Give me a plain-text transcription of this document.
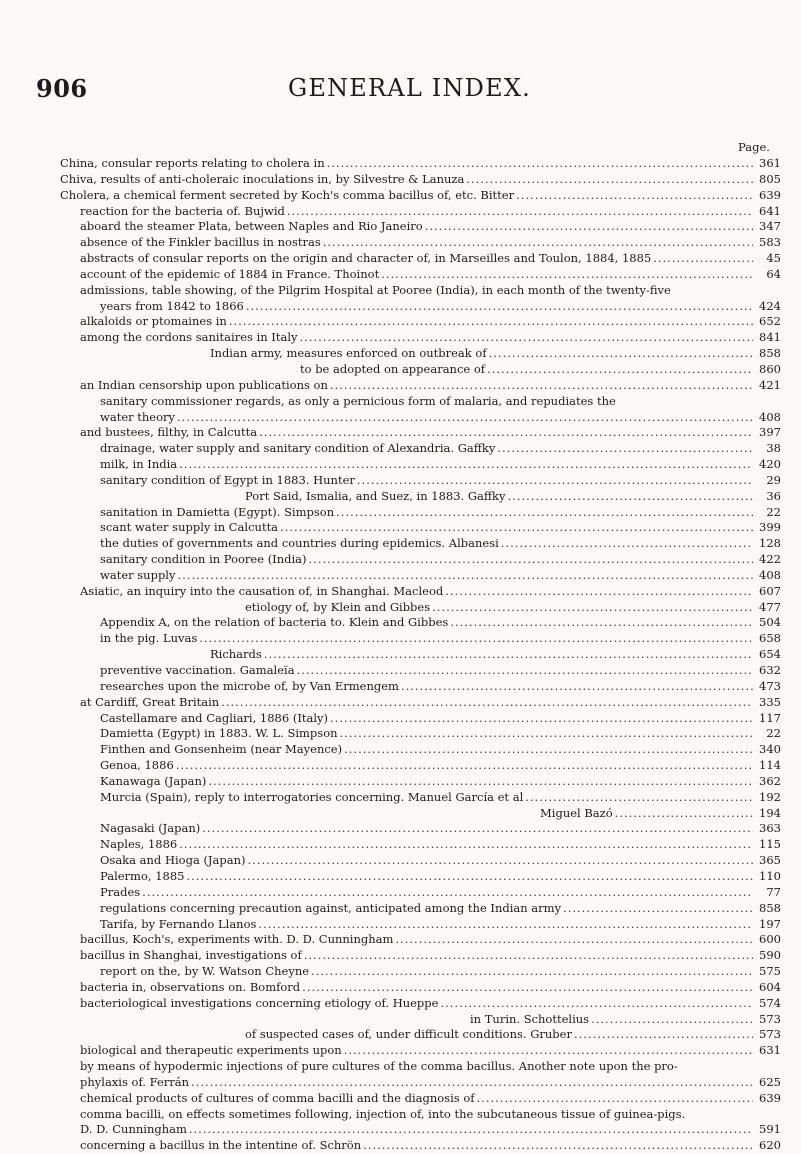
906	GENERAL INDEX.
Page.
China, consular reports relating to cholera in .....	361
Chiva, results of anti-choleraic inoculations in, by Silvestre & Lanuza .....	805
Cholera, a chemical ferment secreted by Koch's comma bacillus of, etc. Bitter .....	639
reaction for the bacteria of. Bujwid .....	641
aboard the steamer Plata, between Naples and Rio Janeiro .....	347
absence of the Finkler bacillus in nostras .....	583
abstracts of consular reports on the origin and character of, in Marseilles and Toulon, 1884, 1885 .....	45
account of the epidemic of 1884 in France. Thoinot .....	64
admissions, table showing, of the Pilgrim Hospital at Pooree (India), in each month of the twenty-five
years from 1842 to 1866 .....	424
alkaloids or ptomaines in .....	652
among the cordons sanitaires in Italy .....	841
Indian army, measures enforced on outbreak of .....	858
to be adopted on appearance of .....	860
an Indian censorship upon publications on .....	421
sanitary commissioner regards, as only a pernicious form of malaria, and repudiates the
water theory .....	408
and bustees, filthy, in Calcutta .....	397
drainage, water supply and sanitary condition of Alexandria. Gaffky .....	38
milk, in India .....	420
sanitary condition of Egypt in 1883. Hunter .....	29
Port Said, Ismalia, and Suez, in 1883. Gaffky .....	36
sanitation in Damietta (Egypt). Simpson .....	22
scant water supply in Calcutta .....	399
the duties of governments and countries during epidemics. Albanesi .....	128
sanitary condition in Pooree (India) .....	422
water supply .....	408
Asiatic, an inquiry into the causation of, in Shanghai. Macleod .....	607
etiology of, by Klein and Gibbes .....	477
Appendix A, on the relation of bacteria to. Klein and Gibbes .....	504
in the pig. Luvas .....	658
Richards .....	654
preventive vaccination. Gamaleïa .....	632
researches upon the microbe of, by Van Ermengem .....	473
at Cardiff, Great Britain .....	335
Castellamare and Cagliari, 1886 (Italy) .....	117
Damietta (Egypt) in 1883. W. L. Simpson .....	22
Finthen and Gonsenheim (near Mayence) .....	340
Genoa, 1886 .....	114
Kanawaga (Japan) .....	362
Murcia (Spain), reply to interrogatories concerning. Manuel García et al .....	192
Miguel Bazó .....	194
Nagasaki (Japan) .....	363
Naples, 1886 .....	115
Osaka and Hioga (Japan) .....	365
Palermo, 1885 .....	110
Prades .....	77
regulations concerning precaution against, anticipated among the Indian army .....	858
Tarifa, by Fernando Llanos .....	197
bacillus, Koch's, experiments with. D. D. Cunningham .....	600
bacillus in Shanghai, investigations of .....	590
report on the, by W. Watson Cheyne .....	575
bacteria in, observations on. Bomford .....	604
bacteriological investigations concerning etiology of. Hueppe .....	574
in Turin. Schottelius .....	573
of suspected cases of, under difficult conditions. Gruber .....	573
biological and therapeutic experiments upon .....	631
by means of hypodermic injections of pure cultures of the comma bacillus. Another note upon the pro-
phylaxis of. Ferrán .....	625
chemical products of cultures of comma bacilli and the diagnosis of .....	639
comma bacilli, on effects sometimes following, injection of, into the subcutaneous tissue of guinea-pigs.
D. D. Cunningham .....	591
concerning a bacillus in the intentine of. Schrön .....	620
